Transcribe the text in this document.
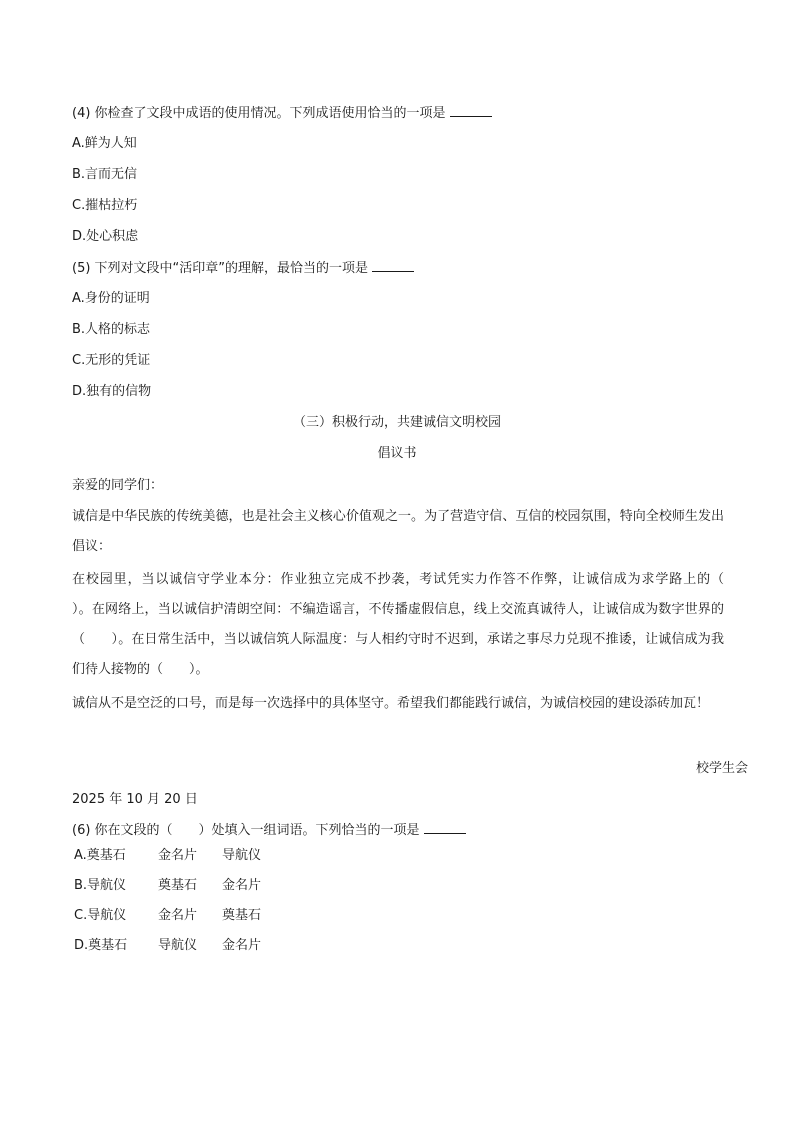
(4) 你检查了文段中成语的使用情况。下列成语使用恰当的一项是
A.鲜为人知
B.言而无信
C.摧枯拉朽
D.处心积虑
(5) 下列对文段中“活印章”的理解，最恰当的一项是
A.身份的证明
B.人格的标志
C.无形的凭证
D.独有的信物
（三）积极行动，共建诚信文明校园
倡议书
亲爱的同学们：
诚信是中华民族的传统美德，也是社会主义核心价值观之一。为了营造守信、互信的校园氛围，特向全校师生发出倡议：
在校园里，当以诚信守学业本分：作业独立完成不抄袭，考试凭实力作答不作弊，让诚信成为求学路上的（　　）。在网络上，当以诚信护清朗空间：不编造谣言，不传播虚假信息，线上交流真诚待人，让诚信成为数字世界的（　　）。在日常生活中，当以诚信筑人际温度：与人相约守时不迟到，承诺之事尽力兑现不推诿，让诚信成为我们待人接物的（　　）。
诚信从不是空泛的口号，而是每一次选择中的具体坚守。希望我们都能践行诚信，为诚信校园的建设添砖加瓦！
校学生会
2025 年 10 月 20 日
(6) 你在文段的（　　）处填入一组词语。下列恰当的一项是
A.奠基石 金名片 导航仪
B.导航仪 奠基石 金名片
C.导航仪 金名片 奠基石
D.奠基石 导航仪 金名片
